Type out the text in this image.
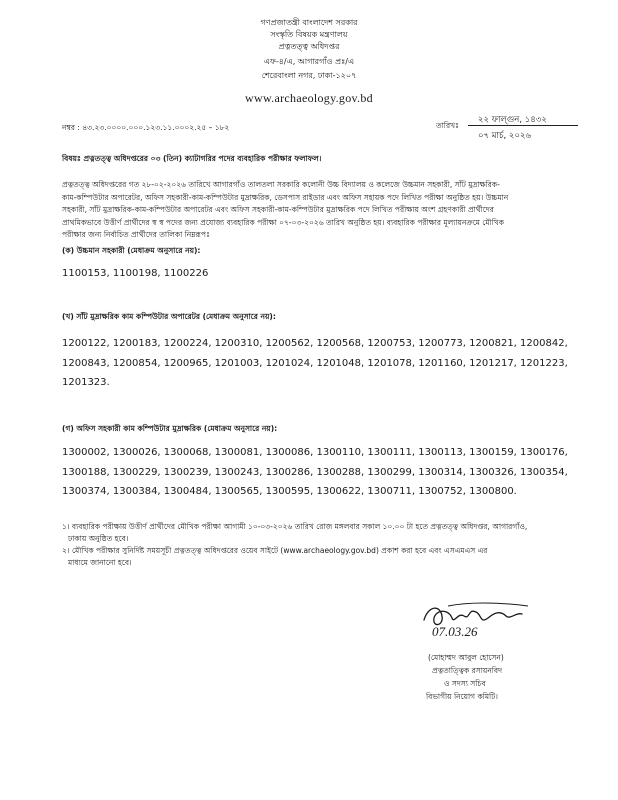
গণপ্রজাতন্ত্রী বাংলাদেশ সরকার
সংস্কৃতি বিষয়ক মন্ত্রণালয়
প্রত্নতত্ত্ব অধিদপ্তর
এফ-৪/এ, আগারগাঁও প্রঃ/এ
শেরেবাংলা নগর, ঢাকা-১২০৭
www.archaeology.gov.bd
নম্বর : ৪৩.২৩.০০০০.০০০.১২৩.১১.০০০২.২৫ – ১৮২	তারিখঃ
২২ ফাল্গুন, ১৪৩২
০৭ মার্চ, ২০২৬
বিষয়ঃ প্রত্নতত্ত্ব অধিদপ্তরের ০৩ (তিন) ক্যাটাগরির পদের ব্যবহারিক পরীক্ষার ফলাফল।
প্রত্নতত্ত্ব অধিদপ্তরের গত ২৮-০২-২০২৬ তারিখে আগারগাঁও তালতলা সরকারি কলোনী উচ্চ বিদ্যালয় ও কলেজে উচ্চমান সহকারী, সাঁট মুদ্রাক্ষরিক-
কাম-কম্পিউটার অপারেটর, অফিস সহকারী-কাম-কম্পিউটার মুদ্রাক্ষরিক, ডেসপাস রাইডার এবং অফিস সহায়ক পদে লিখিত পরীক্ষা অনুষ্ঠিত হয়। উচ্চমান
সহকারী, সাঁট মুদ্রাক্ষরিক-কাম-কম্পিউটার অপারেটর এবং অফিস সহকারী-কাম-কম্পিউটার মুদ্রাক্ষরিক পদে লিখিত পরীক্ষায় অংশ গ্রহণকারী প্রার্থীদের
প্রাথমিকভাবে উত্তীর্ণ প্রার্থীদের স্ব স্ব পদের জন্য প্রযোজ্য ব্যবহারিক পরীক্ষা ০৭-০৩-২০২৬ তারিখ অনুষ্ঠিত হয়। ব্যবহারিক পরীক্ষার মূল্যায়নক্রমে মৌখিক
পরীক্ষার জন্য নির্বাচিত প্রার্থীদের তালিকা নিম্নরূপঃ
(ক) উচ্চমান সহকারী (মেধাক্রম অনুসারে নয়):
1100153, 1100198, 1100226
(খ) সাঁট মুদ্রাক্ষরিক কাম কম্পিউটার অপারেটর (মেধাক্রম অনুসারে নয়):
1200122, 1200183, 1200224, 1200310, 1200562, 1200568, 1200753, 1200773, 1200821, 1200842,
1200843, 1200854, 1200965, 1201003, 1201024, 1201048, 1201078, 1201160, 1201217, 1201223,
1201323.
(গ) অফিস সহকারী কাম কম্পিউটার মুদ্রাক্ষরিক (মেধাক্রম অনুসারে নয়):
1300002, 1300026, 1300068, 1300081, 1300086, 1300110, 1300111, 1300113, 1300159, 1300176,
1300188, 1300229, 1300239, 1300243, 1300286, 1300288, 1300299, 1300314, 1300326, 1300354,
1300374, 1300384, 1300484, 1300565, 1300595, 1300622, 1300711, 1300752, 1300800.
১। ব্যবহারিক পরীক্ষায় উত্তীর্ণ প্রার্থীদের মৌখিক পরীক্ষা আগামী ১০-০৩-২০২৬ তারিখ রোজ মঙ্গলবার সকাল ১০.০০ টা হতে প্রত্নতত্ত্ব অধিদপ্তর, আগারগাঁও,
ঢাকায় অনুষ্ঠিত হবে।
২। মৌখিক পরীক্ষার সুনির্দিষ্ট সময়সূচী প্রত্নতত্ত্ব অধিদপ্তরের ওয়েব সাইটে (www.archaeology.gov.bd) প্রকাশ করা হবে এবং এসএমএস এর
মাধ্যমে জানানো হবে।
07.03.26
(মোহাম্মদ আবুল হোসেন)
প্রত্নতাত্ত্বিক রসায়নবিদ
ও সদস্য সচিব
বিভাগীয় নিয়োগ কমিটি।
